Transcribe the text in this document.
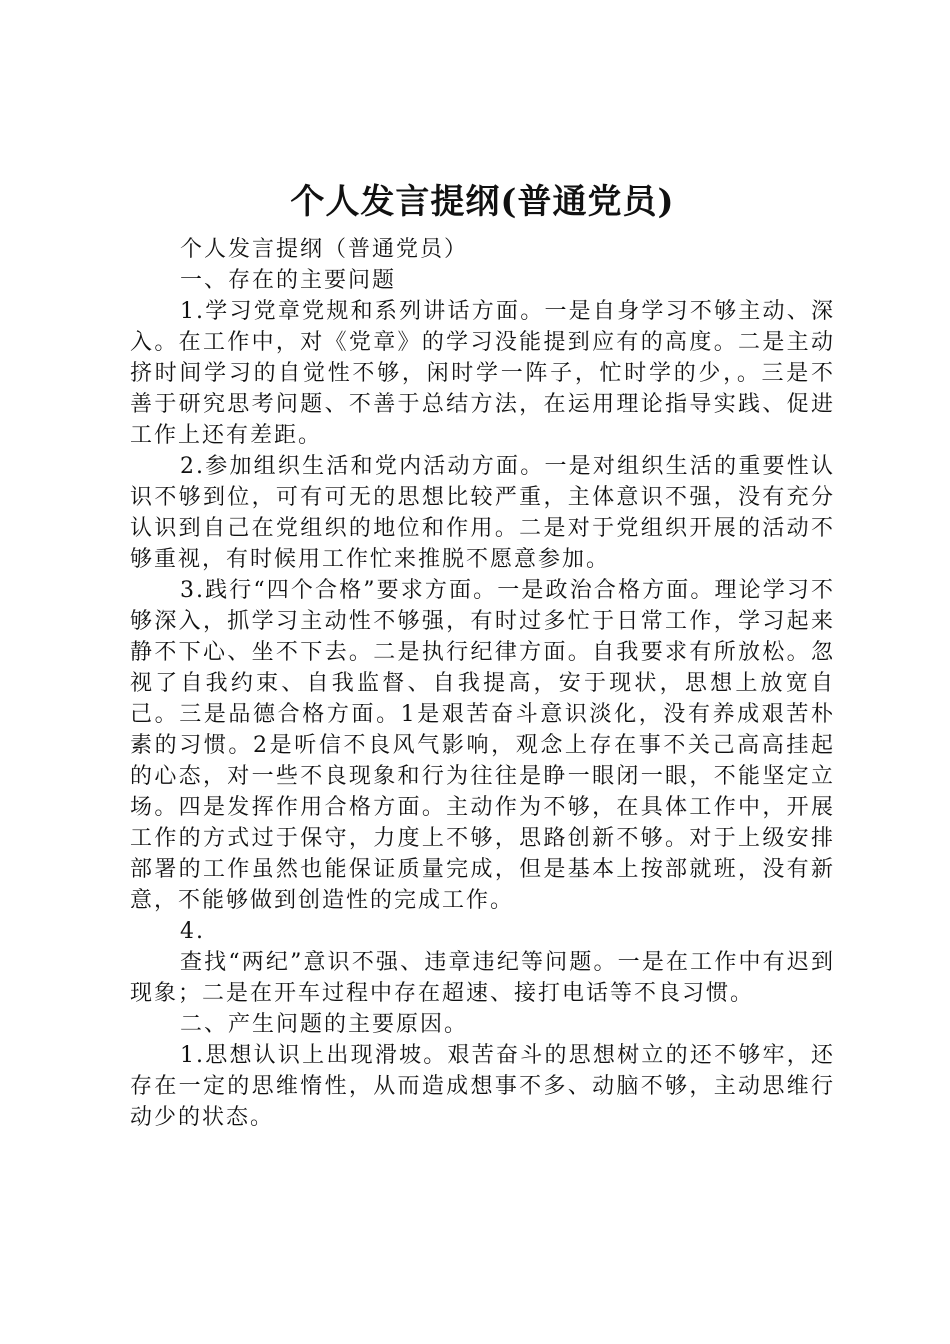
个人发言提纲(普通党员)

个人发言提纲（普通党员）

一、存在的主要问题

1.学习党章党规和系列讲话方面。一是自身学习不够主动、深入。在工作中，对《党章》的学习没能提到应有的高度。二是主动挤时间学习的自觉性不够，闲时学一阵子，忙时学的少，。三是不善于研究思考问题、不善于总结方法，在运用理论指导实践、促进工作上还有差距。

2.参加组织生活和党内活动方面。一是对组织生活的重要性认识不够到位，可有可无的思想比较严重，主体意识不强，没有充分认识到自己在党组织的地位和作用。二是对于党组织开展的活动不够重视，有时候用工作忙来推脱不愿意参加。

3.践行“四个合格”要求方面。一是政治合格方面。理论学习不够深入，抓学习主动性不够强，有时过多忙于日常工作，学习起来静不下心、坐不下去。二是执行纪律方面。自我要求有所放松。忽视了自我约束、自我监督、自我提高，安于现状，思想上放宽自己。三是品德合格方面。1是艰苦奋斗意识淡化，没有养成艰苦朴素的习惯。2是听信不良风气影响，观念上存在事不关己高高挂起的心态，对一些不良现象和行为往往是睁一眼闭一眼，不能坚定立场。四是发挥作用合格方面。主动作为不够，在具体工作中，开展工作的方式过于保守，力度上不够，思路创新不够。对于上级安排部署的工作虽然也能保证质量完成，但是基本上按部就班，没有新意，不能够做到创造性的完成工作。

4.

查找“两纪”意识不强、违章违纪等问题。一是在工作中有迟到现象；二是在开车过程中存在超速、接打电话等不良习惯。

二、产生问题的主要原因。

1.思想认识上出现滑坡。艰苦奋斗的思想树立的还不够牢，还存在一定的思维惰性，从而造成想事不多、动脑不够，主动思维行动少的状态。
